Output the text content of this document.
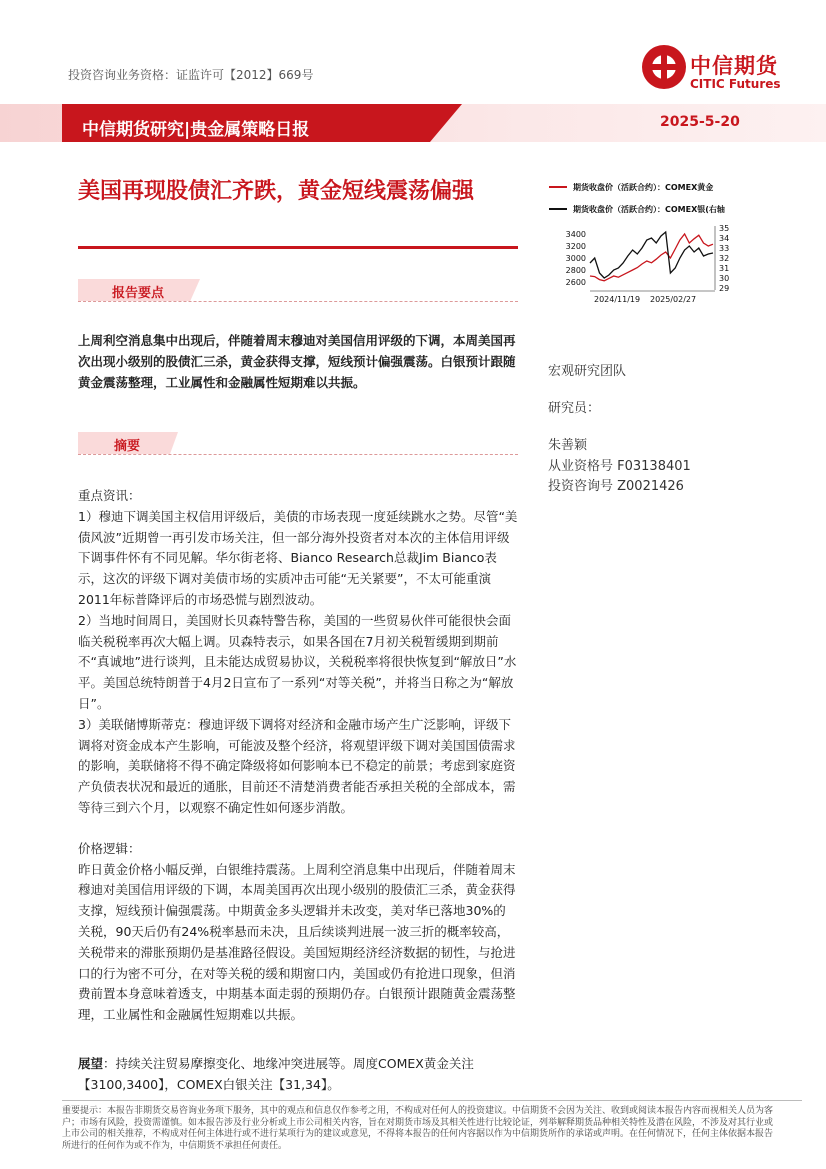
投资咨询业务资格：证监许可【2012】669号	中信期货
CITIC Futures
中信期货研究|贵金属策略日报	2025-5-20
美国再现股债汇齐跌，黄金短线震荡偏强
报告要点
上周利空消息集中出现后，伴随着周末穆迪对美国信用评级的下调，本周美国再次出现小级别的股债汇三杀，黄金获得支撑，短线预计偏强震荡。白银预计跟随黄金震荡整理，工业属性和金融属性短期难以共振。
摘要

重点资讯：

1）穆迪下调美国主权信用评级后，美债的市场表现一度延续跳水之势。尽管“美债风波”近期曾一再引发市场关注，但一部分海外投资者对本次的主体信用评级下调事件怀有不同见解。华尔街老将、Bianco Research总裁Jim Bianco表示，这次的评级下调对美债市场的实质冲击可能“无关紧要”，不太可能重演2011年标普降评后的市场恐慌与剧烈波动。

2）当地时间周日，美国财长贝森特警告称，美国的一些贸易伙伴可能很快会面临关税税率再次大幅上调。贝森特表示，如果各国在7月初关税暂缓期到期前不“真诚地”进行谈判，且未能达成贸易协议，关税税率将很快恢复到“解放日”水平。美国总统特朗普于4月2日宣布了一系列“对等关税”，并将当日称之为“解放日”。

3）美联储博斯蒂克：穆迪评级下调将对经济和金融市场产生广泛影响，评级下调将对资金成本产生影响，可能波及整个经济，将观望评级下调对美国国债需求的影响，美联储将不得不确定降级将如何影响本已不稳定的前景；考虑到家庭资产负债表状况和最近的通胀，目前还不清楚消费者能否承担关税的全部成本，需等待三到六个月，以观察不确定性如何逐步消散。

价格逻辑：

昨日黄金价格小幅反弹，白银维持震荡。上周利空消息集中出现后，伴随着周末穆迪对美国信用评级的下调，本周美国再次出现小级别的股债汇三杀，黄金获得支撑，短线预计偏强震荡。中期黄金多头逻辑并未改变，美对华已落地30%的关税，90天后仍有24%税率悬而未决，且后续谈判进展一波三折的概率较高，关税带来的滞胀预期仍是基准路径假设。美国短期经济经济数据的韧性，与抢进口的行为密不可分，在对等关税的缓和期窗口内，美国或仍有抢进口现象，但消费前置本身意味着透支，中期基本面走弱的预期仍存。白银预计跟随黄金震荡整理，工业属性和金融属性短期难以共振。

展望：持续关注贸易摩擦变化、地缘冲突进展等。周度COMEX黄金关注【3100,3400】，COMEX白银关注【31,34】。
期货收盘价（活跃合约）：COMEX黄金
期货收盘价（活跃合约）：COMEX银(右轴
3400
3200
3000
2800
2600
35
34
33
32
31
30
29
2024/11/19 2025/02/27
宏观研究团队
研究员：
朱善颖
从业资格号 F03138401
投资咨询号 Z0021426
重要提示：本报告非期货交易咨询业务项下服务，其中的观点和信息仅作参考之用，不构成对任何人的投资建议。中信期货不会因为关注、收到或阅读本报告内容而视相关人员为客户；市场有风险，投资需谨慎。如本报告涉及行业分析或上市公司相关内容，旨在对期货市场及其相关性进行比较论证，列举解释期货品种相关特性及潜在风险，不涉及对其行业或上市公司的相关推荐，不构成对任何主体进行或不进行某项行为的建议或意见，不得将本报告的任何内容据以作为中信期货所作的承诺或声明。在任何情况下，任何主体依据本报告所进行的任何作为或不作为，中信期货不承担任何责任。
